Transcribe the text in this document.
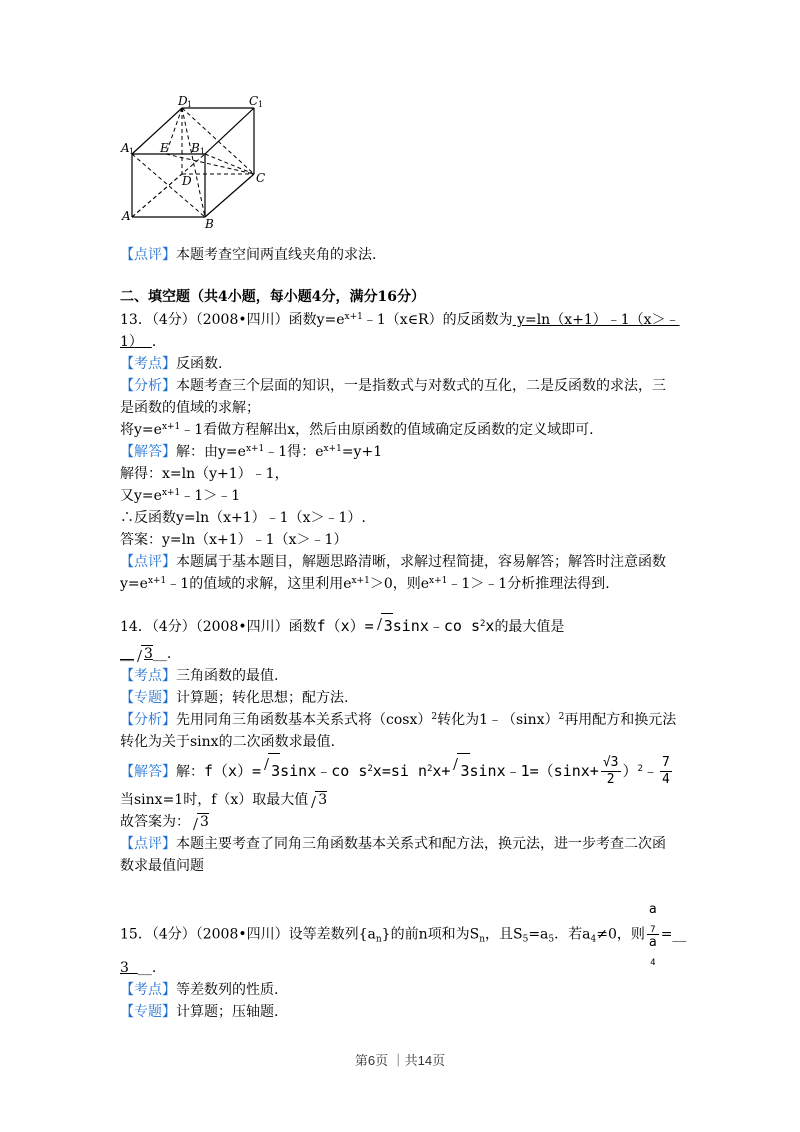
D 1	C 1
A 1 E B 1
D	C
A
B
【点评】本题考查空间两直线夹角的求法.
二、填空题（共4小题，每小题4分，满分16分）
13．（4分）（2008•四川）函数$y=e^{x+1}﹣1(x\in R)$的反函数为 y=ln（x+1）﹣1（x＞﹣
1） ．
【考点】反函数.
【分析】本题考查三个层面的知识，一是指数式与对数式的互化，二是反函数的求法，三
是函数的值域的求解；
将$y=e^{x+1}﹣1$看做方程解出x，然后由原函数的值域确定反函数的定义域即可.
【解答】解：由$y=e^{x+1}﹣1$得：$e^{x+1}=y+1$
解得：x=ln（y+1）﹣1，
又$y=e^{x+1}﹣1>﹣1$
∴反函数y=ln（x+1）﹣1（x＞﹣1）.
答案：y=ln（x+1）﹣1（x＞﹣1）
【点评】本题属于基本题目，解题思路清晰，求解过程简捷，容易解答；解答时注意函数
$y=e^{x+1}﹣1$的值域的求解，这里利用$e^{x+1}>0$，则$e^{x+1}﹣1>﹣1$分析推理法得到.
14．（4分）（2008•四川）函数f（x）= 3sinx﹣co $s^2x$的最大值是
__ 3__.
【考点】三角函数的最值.
【专题】计算题；转化思想；配方法.
【分析】先用同角三角函数基本关系式将$(\cos x)^2$转化为$1﹣(\sin x)^2$再用配方和换元法
转化为关于sinx的二次函数求最值.
【解答】解：f（x）= 3sinx﹣co $s^2x=si$ $n^2x+$ 3sinx﹣1=（sinx+ $\frac{√3}{2}$ ）$^2$﹣ $\frac{7}{4}$
当sinx=1时，f（x）取最大值 3
故答案为： 3
【点评】本题主要考查了同角三角函数基本关系式和配方法，换元法，进一步考查二次函
数求最值问题
15．（4分）（2008•四川）设等差数列$\{a_n\}$的前n项和为$S_n$，且$S_5=a_5$．若$a_4\ne 0$，则 a
$_7$
a
$_4$ =__
3 __.
【考点】等差数列的性质.
【专题】计算题；压轴题.
第6页 ｜共14页
